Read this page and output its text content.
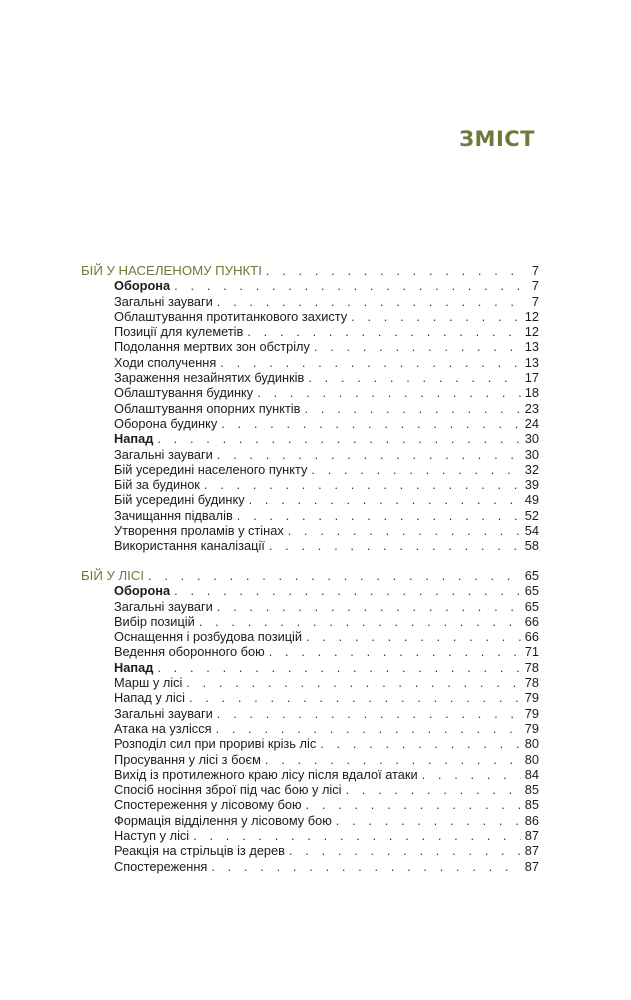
ЗМІСТ
БІЙ У НАСЕЛЕНОМУ ПУНКТІ . . .	7
Оборона . . .	7
Загальні зауваги . . .	7
Облаштування протитанкового захисту . . .	12
Позиції для кулеметів . . .	12
Подолання мертвих зон обстрілу . . .	13
Ходи сполучення . . .	13
Зараження незайнятих будинків . . .	17
Облаштування будинку . . .	18
Облаштування опорних пунктів . . .	23
Оборона будинку . . .	24
Напад . . .	30
Загальні зауваги . . .	30
Бій усередині населеного пункту . . .	32
Бій за будинок . . .	39
Бій усередині будинку . . .	49
Зачищання підвалів . . .	52
Утворення проламів у стінах . . .	54
Використання каналізації . . .	58
БІЙ У ЛІСІ . . .	65
Оборона . . .	65
Загальні зауваги . . .	65
Вибір позицій . . .	66
Оснащення і розбудова позицій . . .	66
Ведення оборонного бою . . .	71
Напад . . .	78
Марш у лісі . . .	78
Напад у лісі . . .	79
Загальні зауваги . . .	79
Атака на узлісся . . .	79
Розподіл сил при прориві крізь ліс . . .	80
Просування у лісі з боєм . . .	80
Вихід із протилежного краю лісу після вдалої атаки . . .	84
Спосіб носіння зброї під час бою у лісі . . .	85
Спостереження у лісовому бою . . .	85
Формація відділення у лісовому бою . . .	86
Наступ у лісі . . .	87
Реакція на стрільців із дерев . . .	87
Спостереження . . .	87
